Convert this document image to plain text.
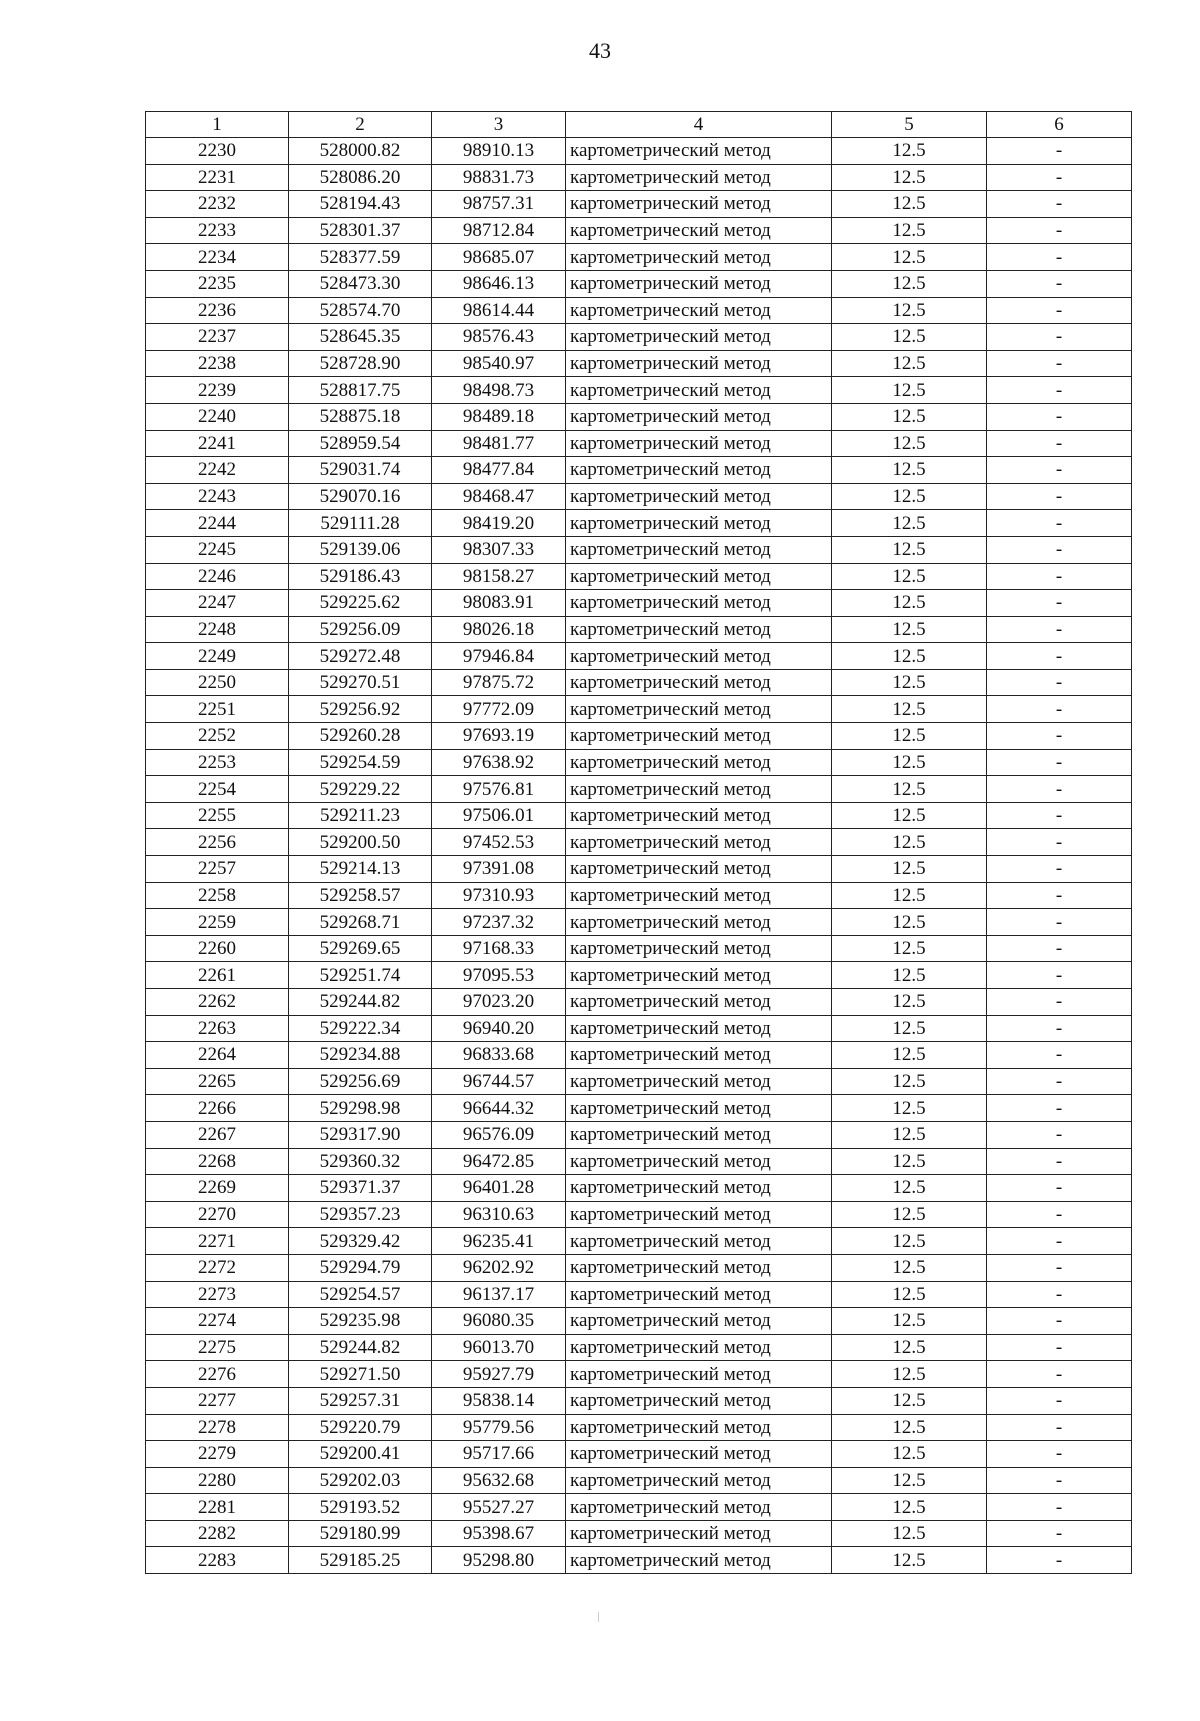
43
1	2	3	4	5	6
2230	528000.82	98910.13	картометрический метод	12.5	-
2231	528086.20	98831.73	картометрический метод	12.5	-
2232	528194.43	98757.31	картометрический метод	12.5	-
2233	528301.37	98712.84	картометрический метод	12.5	-
2234	528377.59	98685.07	картометрический метод	12.5	-
2235	528473.30	98646.13	картометрический метод	12.5	-
2236	528574.70	98614.44	картометрический метод	12.5	-
2237	528645.35	98576.43	картометрический метод	12.5	-
2238	528728.90	98540.97	картометрический метод	12.5	-
2239	528817.75	98498.73	картометрический метод	12.5	-
2240	528875.18	98489.18	картометрический метод	12.5	-
2241	528959.54	98481.77	картометрический метод	12.5	-
2242	529031.74	98477.84	картометрический метод	12.5	-
2243	529070.16	98468.47	картометрический метод	12.5	-
2244	529111.28	98419.20	картометрический метод	12.5	-
2245	529139.06	98307.33	картометрический метод	12.5	-
2246	529186.43	98158.27	картометрический метод	12.5	-
2247	529225.62	98083.91	картометрический метод	12.5	-
2248	529256.09	98026.18	картометрический метод	12.5	-
2249	529272.48	97946.84	картометрический метод	12.5	-
2250	529270.51	97875.72	картометрический метод	12.5	-
2251	529256.92	97772.09	картометрический метод	12.5	-
2252	529260.28	97693.19	картометрический метод	12.5	-
2253	529254.59	97638.92	картометрический метод	12.5	-
2254	529229.22	97576.81	картометрический метод	12.5	-
2255	529211.23	97506.01	картометрический метод	12.5	-
2256	529200.50	97452.53	картометрический метод	12.5	-
2257	529214.13	97391.08	картометрический метод	12.5	-
2258	529258.57	97310.93	картометрический метод	12.5	-
2259	529268.71	97237.32	картометрический метод	12.5	-
2260	529269.65	97168.33	картометрический метод	12.5	-
2261	529251.74	97095.53	картометрический метод	12.5	-
2262	529244.82	97023.20	картометрический метод	12.5	-
2263	529222.34	96940.20	картометрический метод	12.5	-
2264	529234.88	96833.68	картометрический метод	12.5	-
2265	529256.69	96744.57	картометрический метод	12.5	-
2266	529298.98	96644.32	картометрический метод	12.5	-
2267	529317.90	96576.09	картометрический метод	12.5	-
2268	529360.32	96472.85	картометрический метод	12.5	-
2269	529371.37	96401.28	картометрический метод	12.5	-
2270	529357.23	96310.63	картометрический метод	12.5	-
2271	529329.42	96235.41	картометрический метод	12.5	-
2272	529294.79	96202.92	картометрический метод	12.5	-
2273	529254.57	96137.17	картометрический метод	12.5	-
2274	529235.98	96080.35	картометрический метод	12.5	-
2275	529244.82	96013.70	картометрический метод	12.5	-
2276	529271.50	95927.79	картометрический метод	12.5	-
2277	529257.31	95838.14	картометрический метод	12.5	-
2278	529220.79	95779.56	картометрический метод	12.5	-
2279	529200.41	95717.66	картометрический метод	12.5	-
2280	529202.03	95632.68	картометрический метод	12.5	-
2281	529193.52	95527.27	картометрический метод	12.5	-
2282	529180.99	95398.67	картометрический метод	12.5	-
2283	529185.25	95298.80	картометрический метод	12.5	-
